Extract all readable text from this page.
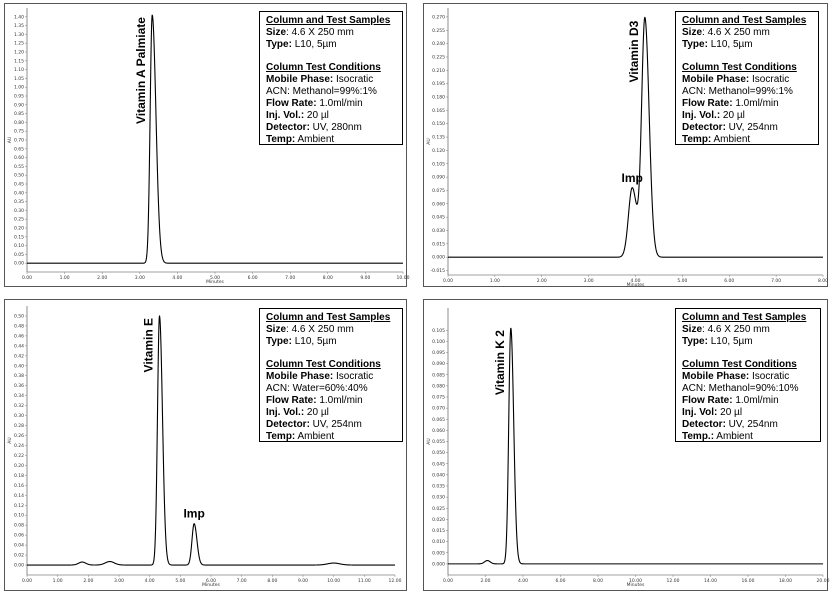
0.00
0.05
0.10
0.15
0.20
0.25
0.30
0.35
0.40
0.45
0.50
0.55
0.60
0.65
0.70
0.75
0.80
0.85
0.90
0.95
1.00
1.05
1.10
1.15
1.20
1.25
1.30
1.35
1.40
0.00	1.00	2.00	3.00	4.00	5.00	6.00	7.00	8.00	9.00	10.00
Minutes
AU
Vitamin A Palmiate	Column and Test Samples
Size: 4.6 X 250 mm
Type: L10, 5µm
Column Test Conditions
Mobile Phase: Isocratic
ACN: Methanol=99%:1%
Flow Rate: 1.0ml/min
Inj. Vol.: 20 µl
Detector: UV, 280nm
Temp: Ambient
-0.015
0.000
0.015
0.030
0.045
0.060
0.075
0.090
0.105
0.120
0.135
0.150
0.165
0.180
0.195
0.210
0.225
0.240
0.255
0.270
0.00	1.00	2.00	3.00	4.00	5.00	6.00	7.00	8.00
Minutes
AU
Imp
Vitamin D3
Column and Test Samples
Size: 4.6 X 250 mm
Type: L10, 5µm
Column Test Conditions
Mobile Phase: Isocratic
ACN: Methanol=99%:1%
Flow Rate: 1.0ml/min
Inj. Vol.: 20 µl
Detector: UV, 254nm
Temp: Ambient
0.00
0.02
0.04
0.06
0.08
0.10
0.12
0.14
0.16
0.18
0.20
0.22
0.24
0.26
0.28
0.30
0.32
0.34
0.36
0.38
0.40
0.42
0.44
0.46
0.48
0.50
0.00	1.00	2.00	3.00	4.00	5.00	6.00	7.00	8.00	9.00	10.00	11.00	12.00
Minutes
AU
Vitamin E
Imp
Column and Test Samples
Size: 4.6 X 250 mm
Type: L10, 5µm
Column Test Conditions
Mobile Phase: Isocratic
ACN: Water=60%:40%
Flow Rate: 1.0ml/min
Inj. Vol.: 20 µl
Detector: UV, 254nm
Temp: Ambient
0.000
0.005
0.010
0.015
0.020
0.025
0.030
0.035
0.040
0.045
0.050
0.055
0.060
0.065
0.070
0.075
0.080
0.085
0.090
0.095
0.100
0.105
0.00	2.00	4.00	6.00	8.00	10.00	12.00	14.00	16.00	18.00	20.00
Minutes
AU
Vitamin K 2
Column and Test Samples
Size: 4.6 X 250 mm
Type: L10, 5µm
Column Test Conditions
Mobile Phase: Isocratic
ACN: Methanol=90%:10%
Flow Rate: 1.0ml/min
Inj. Vol: 20 µl
Detector: UV, 254nm
Temp.: Ambient
